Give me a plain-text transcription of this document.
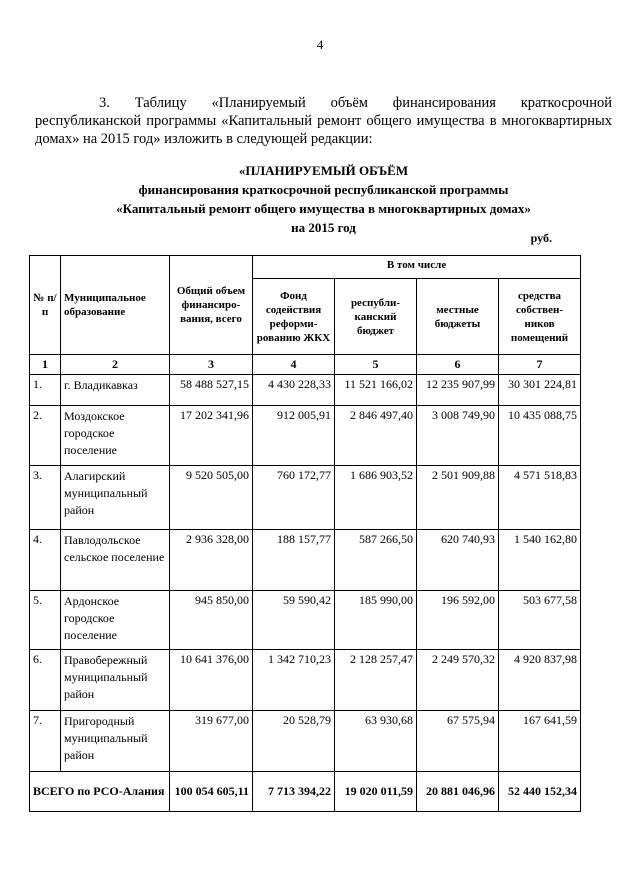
4
3. Таблицу «Планируемый объём финансирования краткосрочной республиканской программы «Капитальный ремонт общего имущества в многоквартирных домах» на 2015 год» изложить в следующей редакции:
«ПЛАНИРУЕМЫЙ ОБЪЁМ
финансирования краткосрочной республиканской программы
«Капитальный ремонт общего имущества в многоквартирных домах»
на 2015 год
руб.
№ п/п	Муниципальное образование	Общий объем финансиро-вания, всего	В том числе			
			Фонд содействия реформи-рованию ЖКХ	республи-канский бюджет	местные бюджеты	средства собствен-ников помещений
1	2	3	4	5	6	7
1.	г. Владикавказ	58 488 527,15	4 430 228,33	11 521 166,02	12 235 907,99	30 301 224,81
2.	Моздокское городское поселение	17 202 341,96	912 005,91	2 846 497,40	3 008 749,90	10 435 088,75
3.	Алагирский муниципальный район	9 520 505,00	760 172,77	1 686 903,52	2 501 909,88	4 571 518,83
4.	Павлодольское сельское поселение	2 936 328,00	188 157,77	587 266,50	620 740,93	1 540 162,80
5.	Ардонское городское поселение	945 850,00	59 590,42	185 990,00	196 592,00	503 677,58
6.	Правобережный муниципальный район	10 641 376,00	1 342 710,23	2 128 257,47	2 249 570,32	4 920 837,98
7.	Пригородный муниципальный район	319 677,00	20 528,79	63 930,68	67 575,94	167 641,59
ВСЕГО по РСО-Алания		100 054 605,11	7 713 394,22	19 020 011,59	20 881 046,96	52 440 152,34
